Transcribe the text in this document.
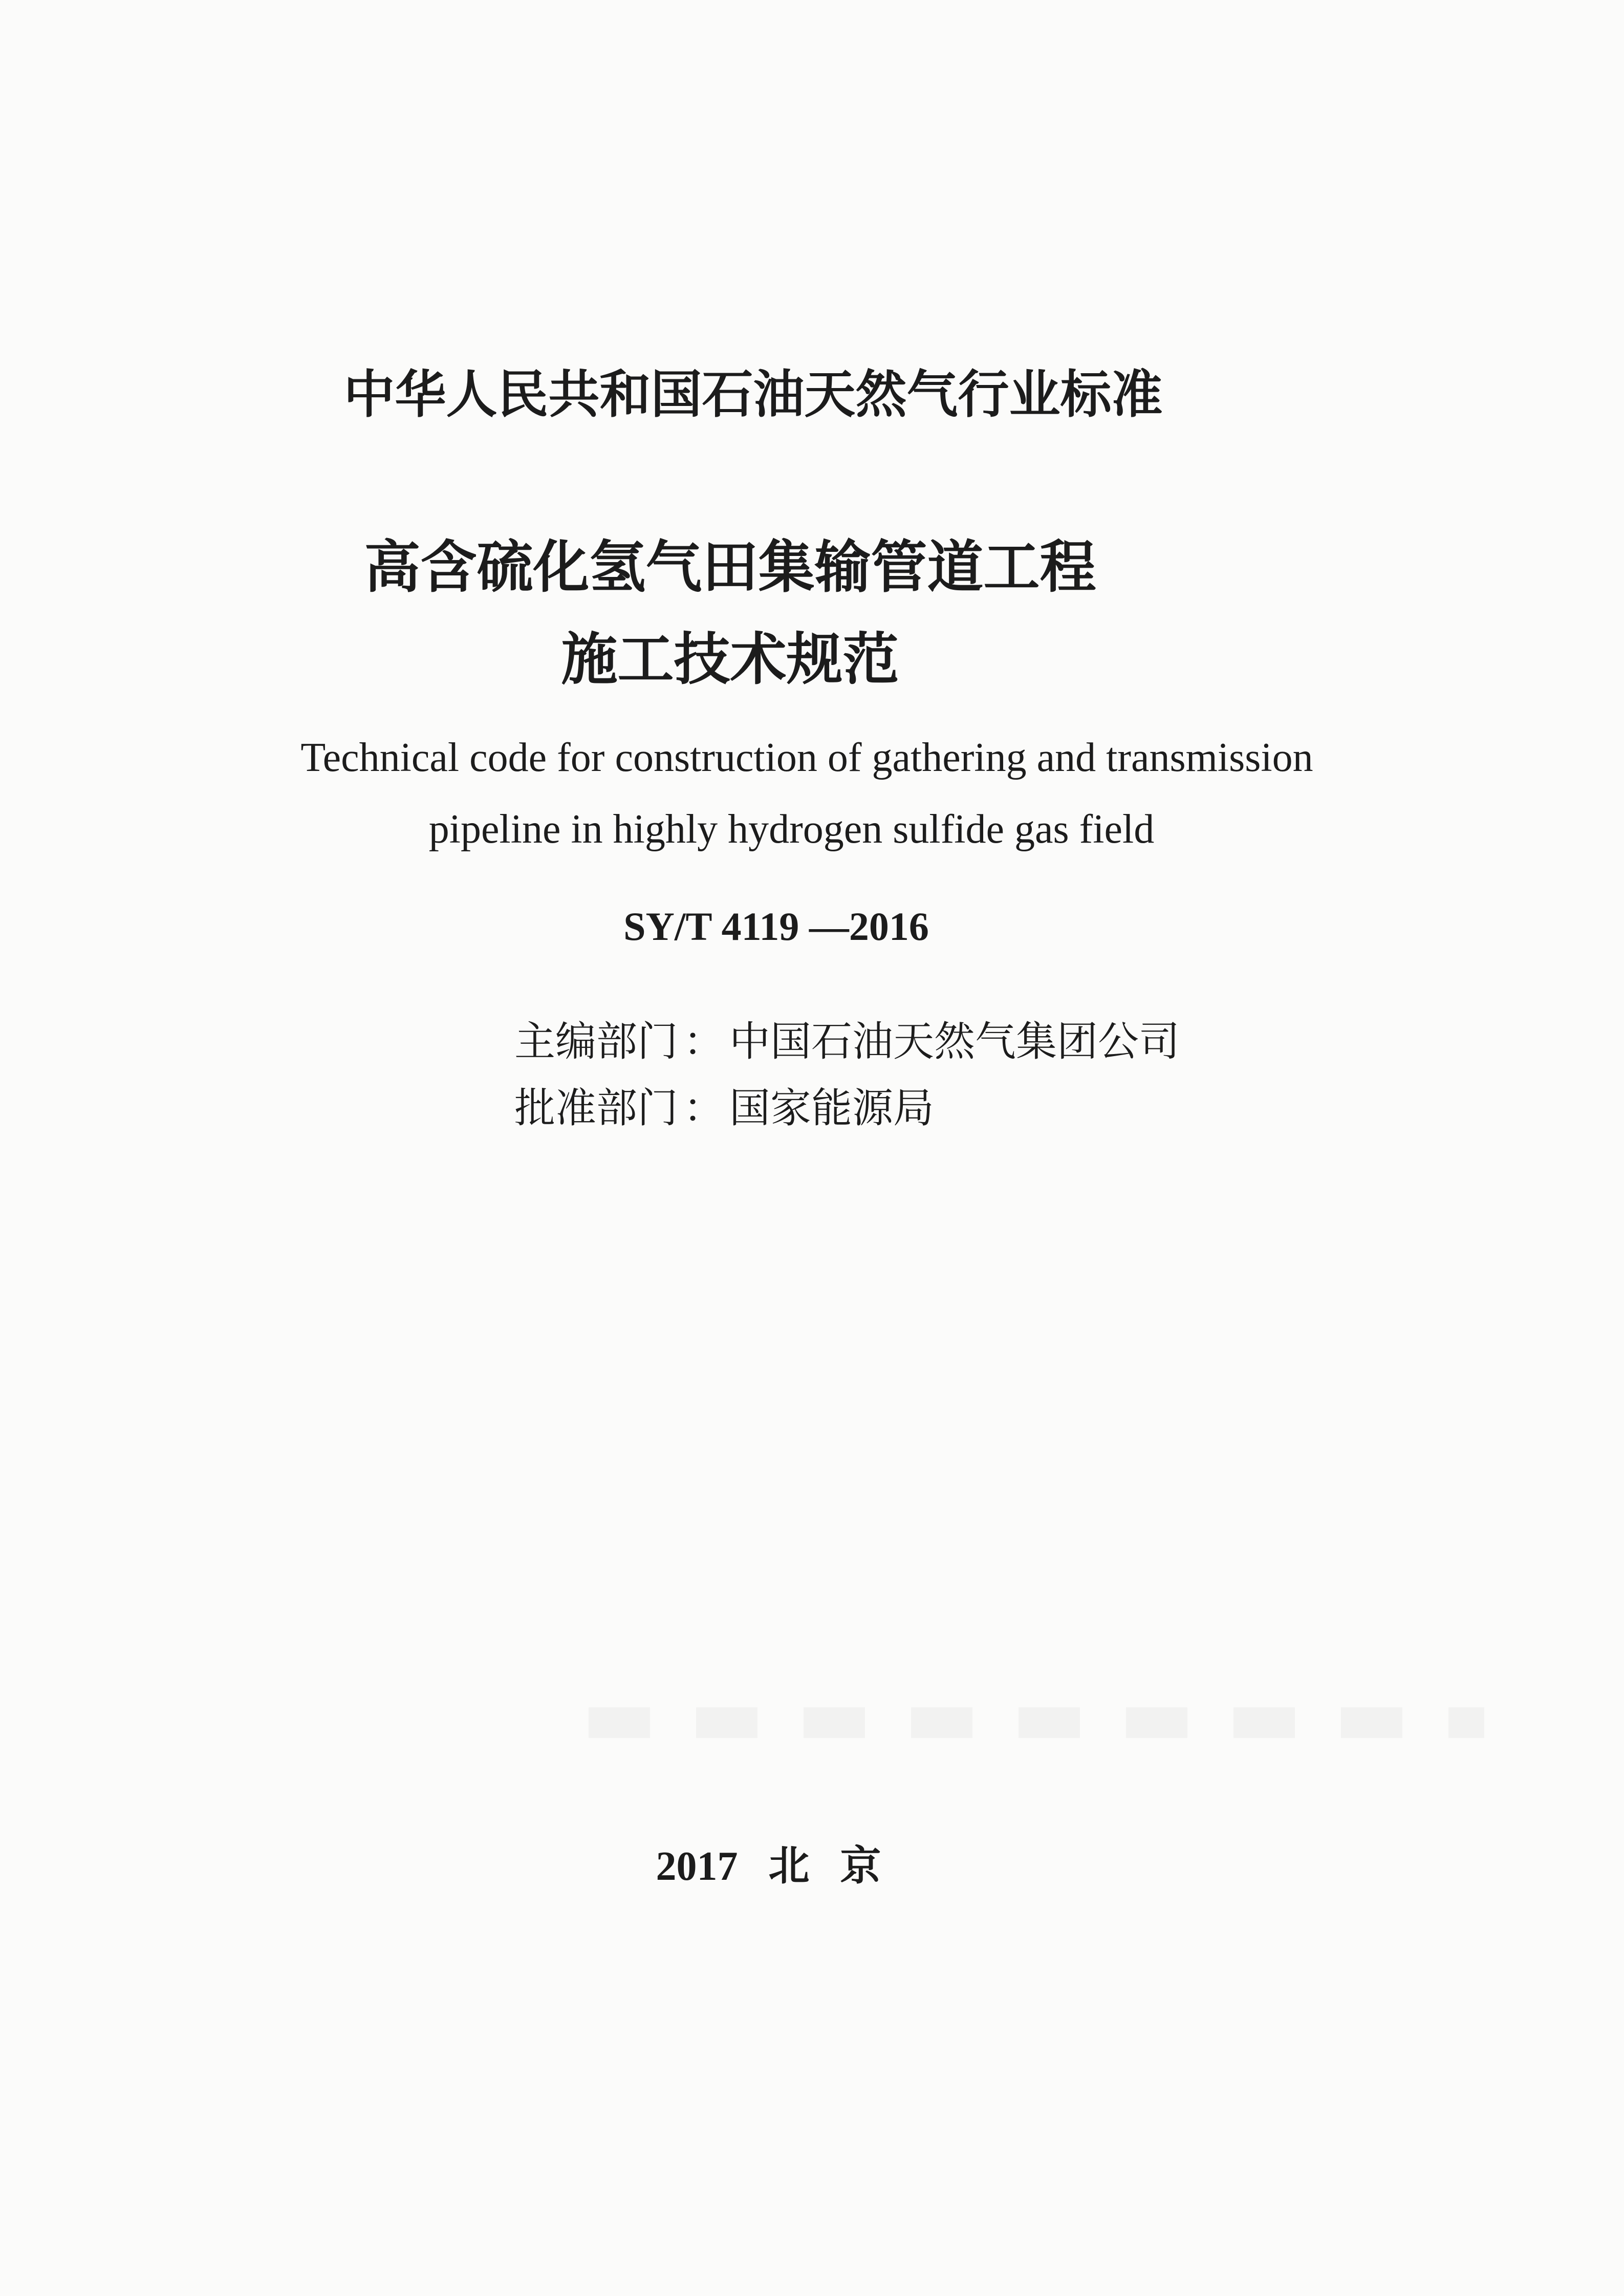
中华人民共和国石油天然气行业标准
高含硫化氢气田集输管道工程
施工技术规范
Technical code for construction of gathering and transmission
pipeline in highly hydrogen sulfide gas field
SY/T 4119 —2016
主编部门 ： 中国石油天然气集团公司
批准部门 ： 国家能源局
2017 北京
